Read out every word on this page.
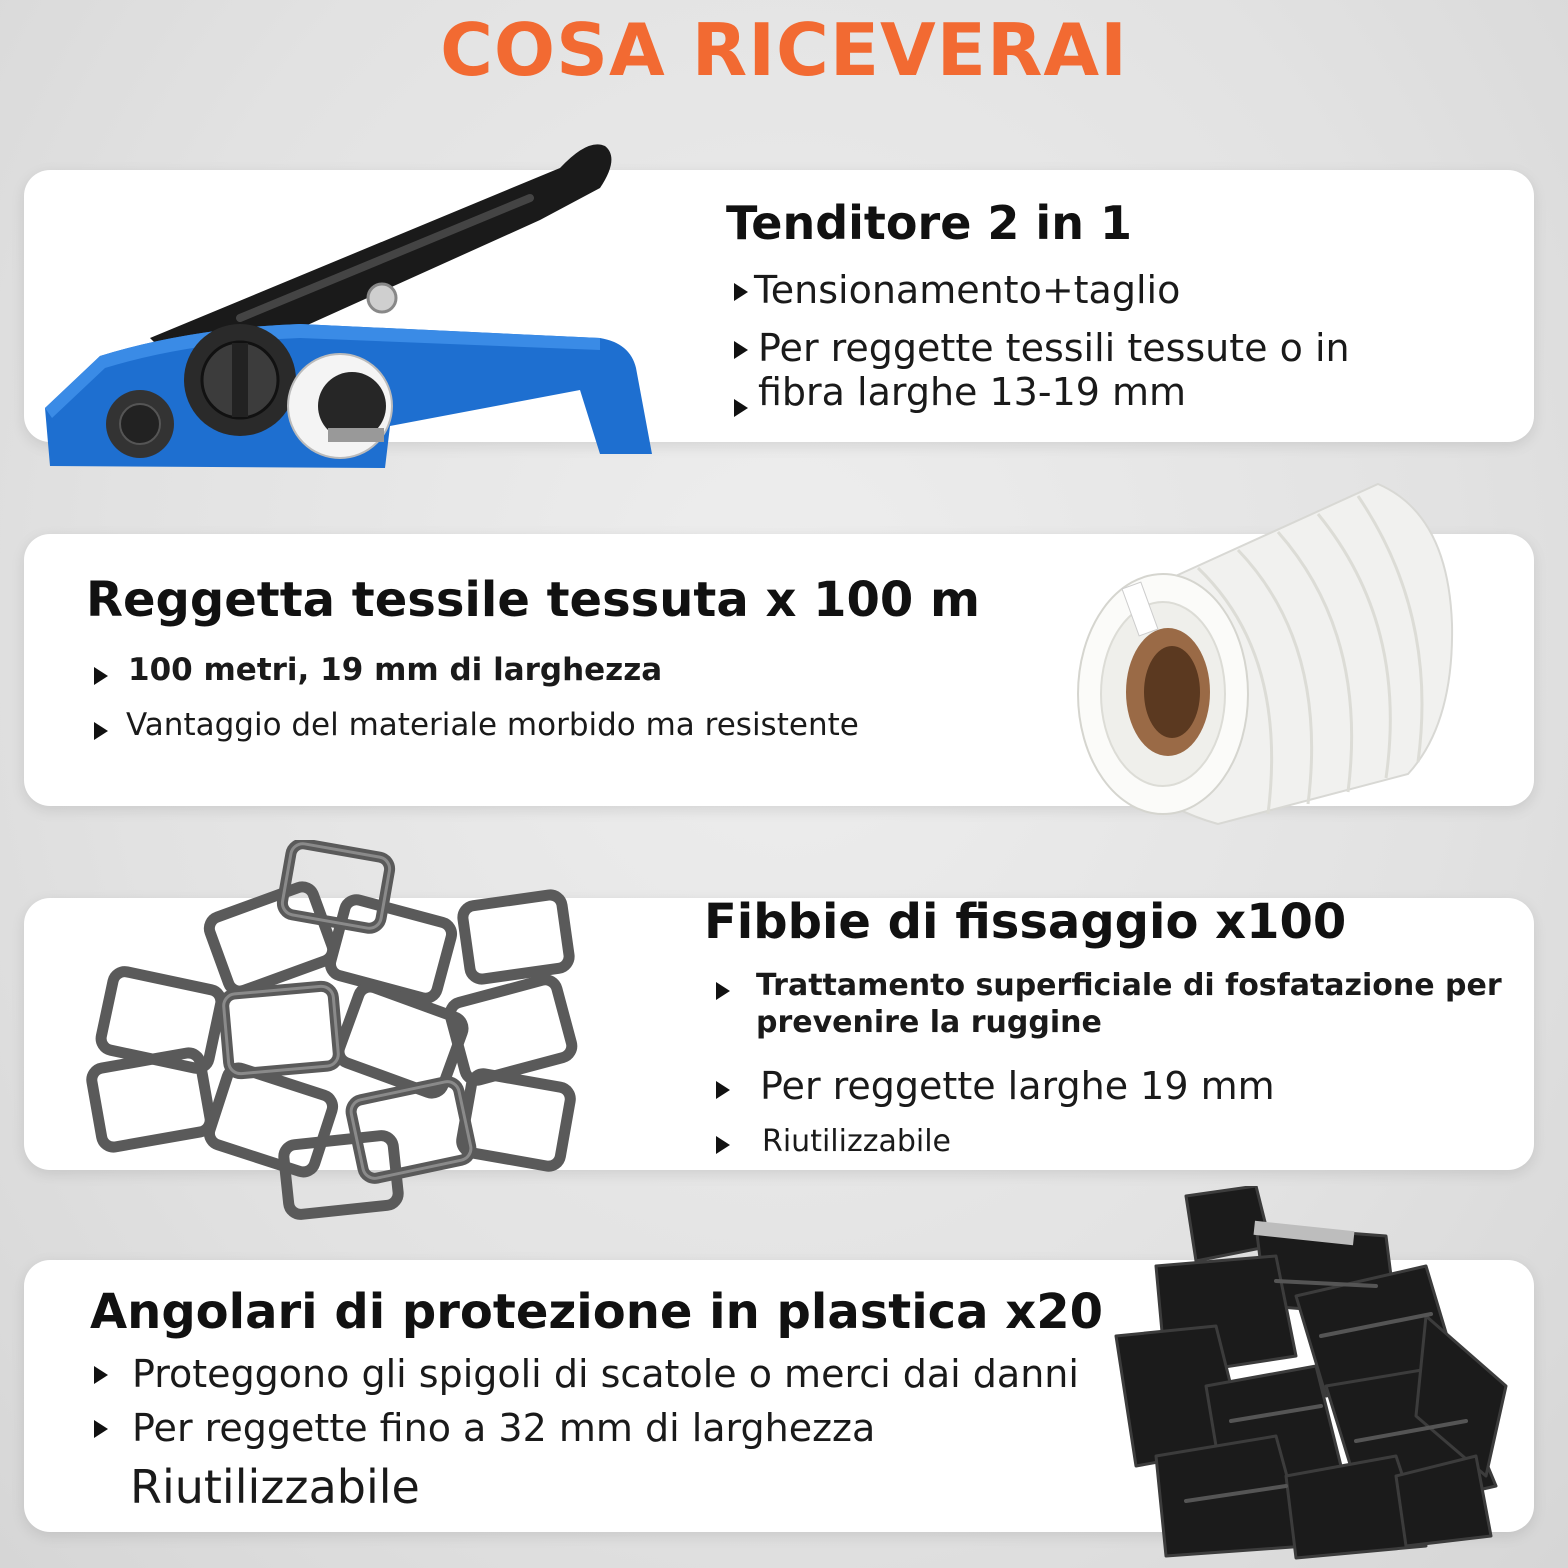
COSA RICEVERAI
Tenditore 2 in 1
Tensionamento+taglio
Per reggette tessili tessute o in
fibra larghe 13-19 mm
Reggetta tessile tessuta x 100 m
100 metri, 19 mm di larghezza
Vantaggio del materiale morbido ma resistente
Fibbie di fissaggio x100
Trattamento superficiale di fosfatazione per
prevenire la ruggine
Per reggette larghe 19 mm
Riutilizzabile
Angolari di protezione in plastica x20
Proteggono gli spigoli di scatole o merci dai danni
Per reggette fino a 32 mm di larghezza
Riutilizzabile
